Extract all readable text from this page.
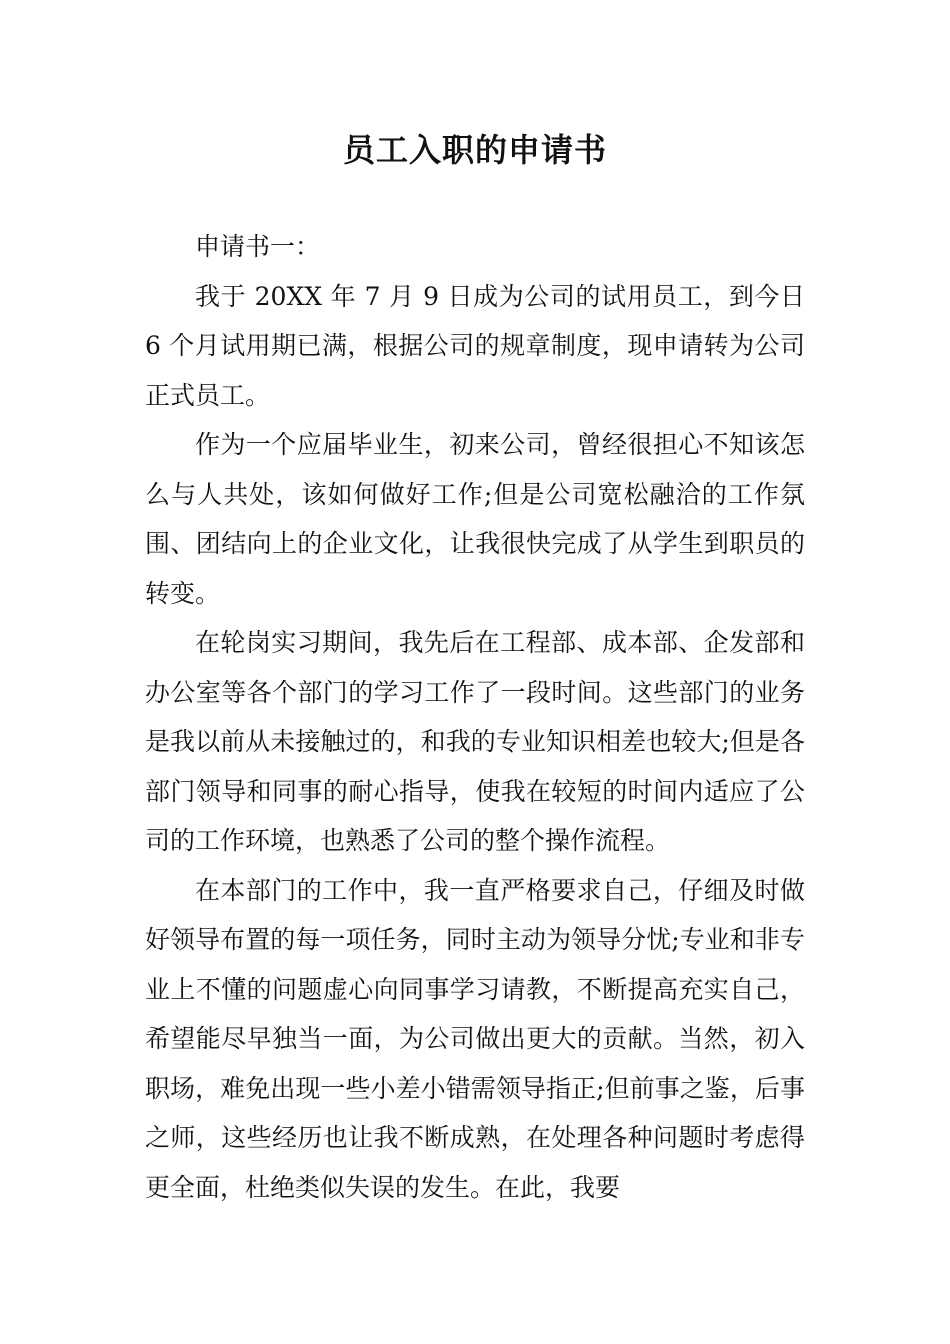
员工入职的申请书

申请书一：

我于 20XX 年 7 月 9 日成为公司的试用员工，到今日 6 个月试用期已满，根据公司的规章制度，现申请转为公司正式员工。

作为一个应届毕业生，初来公司，曾经很担心不知该怎么与人共处，该如何做好工作;但是公司宽松融洽的工作氛围、团结向上的企业文化，让我很快完成了从学生到职员的转变。

在轮岗实习期间，我先后在工程部、成本部、企发部和办公室等各个部门的学习工作了一段时间。这些部门的业务是我以前从未接触过的，和我的专业知识相差也较大;但是各部门领导和同事的耐心指导，使我在较短的时间内适应了公司的工作环境，也熟悉了公司的整个操作流程。

在本部门的工作中，我一直严格要求自己，仔细及时做好领导布置的每一项任务，同时主动为领导分忧;专业和非专业上不懂的问题虚心向同事学习请教，不断提高充实自己，希望能尽早独当一面，为公司做出更大的贡献。当然，初入职场，难免出现一些小差小错需领导指正;但前事之鉴，后事之师，这些经历也让我不断成熟，在处理各种问题时考虑得更全面，杜绝类似失误的发生。在此，我要
